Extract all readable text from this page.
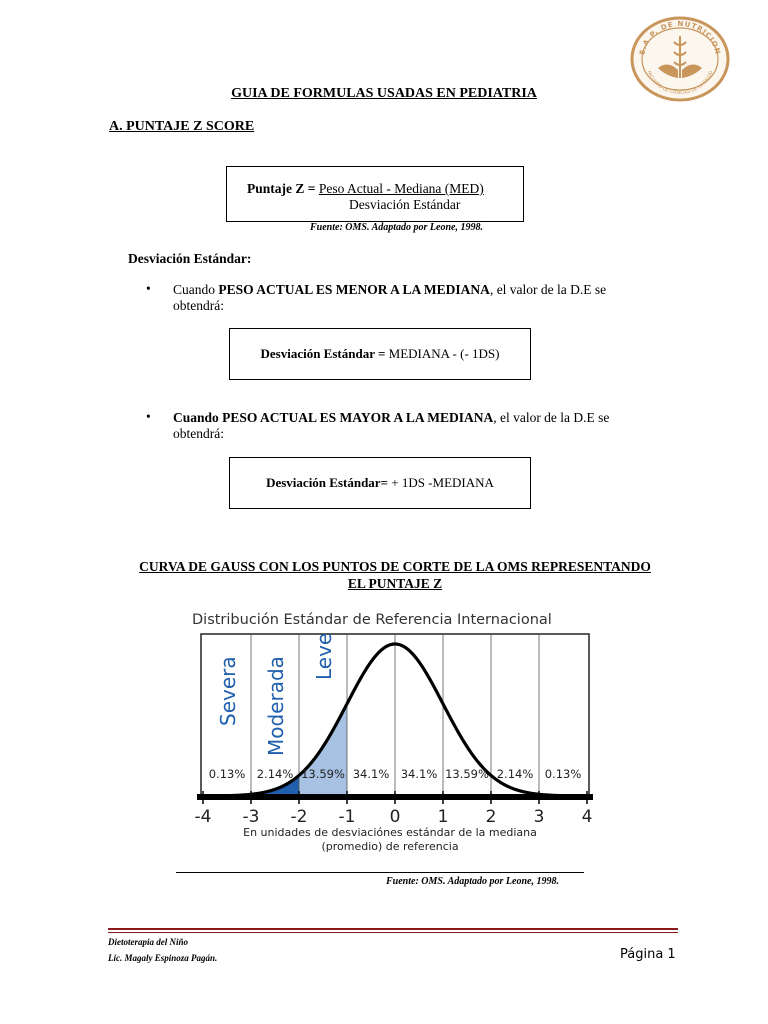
E.A.P. DE NUTRICION
FACULTAD DE CIENCIAS DE LA SALUD
GUIA DE FORMULAS USADAS EN PEDIATRIA
A. PUNTAJE Z SCORE
Puntaje Z = Peso Actual - Mediana (MED)
Desviación Estándar
Fuente: OMS. Adaptado por Leone, 1998.
Desviación Estándar:
• Cuando PESO ACTUAL ES MENOR A LA MEDIANA, el valor de la D.E se
obtendrá:
Desviación Estándar = MEDIANA - (- 1DS)
• Cuando PESO ACTUAL ES MAYOR A LA MEDIANA, el valor de la D.E se
obtendrá:
Desviación Estándar= + 1DS -MEDIANA
CURVA DE GAUSS CON LOS PUNTOS DE CORTE DE LA OMS REPRESENTANDO
EL PUNTAJE Z
Distribución Estándar de Referencia Internacional
-4 -3 -2 -1 0 1 2 3 4
0.13% 2.14% 13.59% 34.1% 34.1% 13.59% 2.14% 0.13%
Severa Moderada Leve
En unidades de desviaciónes estándar de la mediana
(promedio) de referencia
Fuente: OMS. Adaptado por Leone, 1998.
Dietoterapia del Niño
Lic. Magaly Espinoza Pagán.	Página 1
